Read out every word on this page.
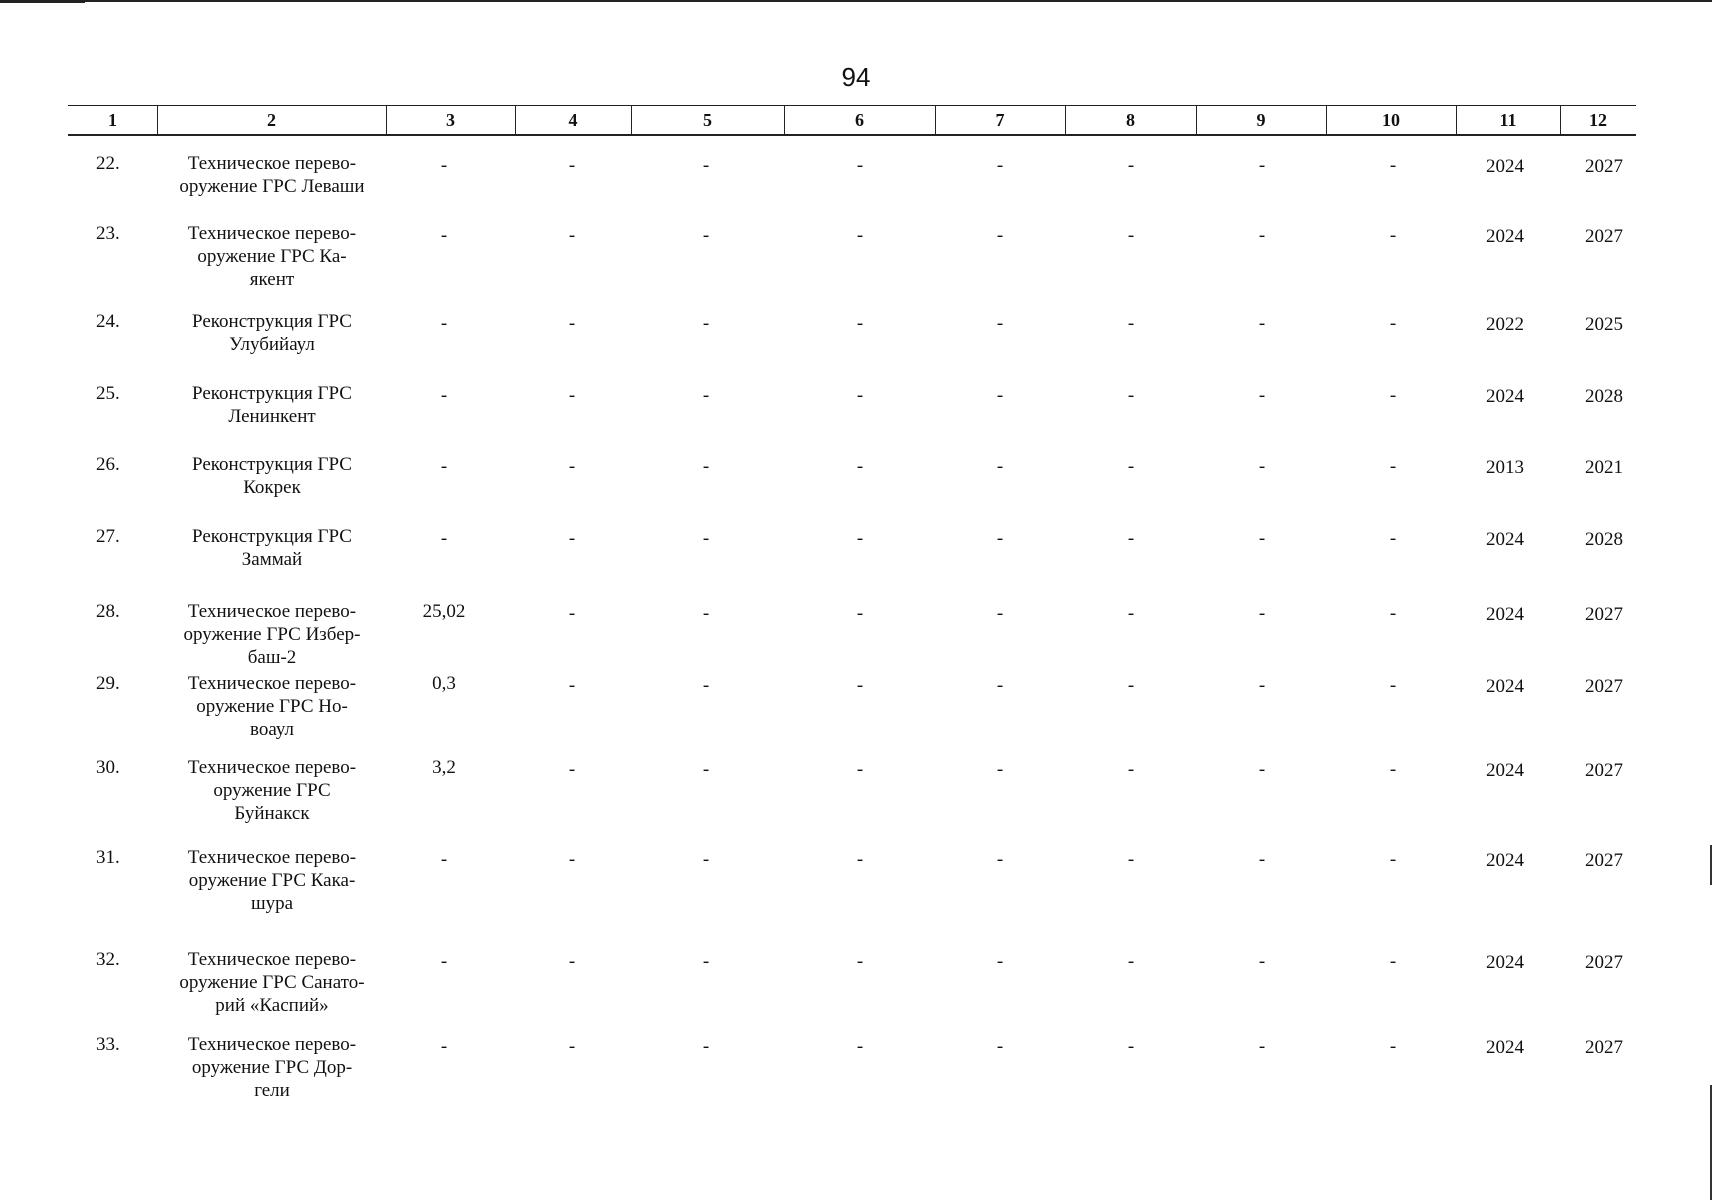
94
1	2	3	4	5	6	7	8	9	10	11	12
22.	Техническое перево-
оружение ГРС Леваши
-	-	-	-	-	-	-	-	2024	2027
23.	Техническое перево-
оружение ГРС Ка-
якент
-	-	-	-	-	-	-	-	2024	2027
24.	Реконструкция ГРС
Улубийаул
-	-	-	-	-	-	-	-	2022	2025
25.	Реконструкция ГРС
Ленинкент
-	-	-	-	-	-	-	-	2024	2028
26.	Реконструкция ГРС
Кокрек
-	-	-	-	-	-	-	-	2013	2021
27.	Реконструкция ГРС
Заммай
-	-	-	-	-	-	-	-	2024	2028
28.	Техническое перево-
оружение ГРС Избер-
баш-2
25,02	-	-	-	-	-	-	-	2024	2027
29.	Техническое перево-
оружение ГРС Но-
воаул
0,3	-	-	-	-	-	-	-	2024	2027
30.	Техническое перево-
оружение ГРС
Буйнакск
3,2	-	-	-	-	-	-	-	2024	2027
31.	Техническое перево-
оружение ГРС Кака-
шура
-	-	-	-	-	-	-	-	2024	2027
32.	Техническое перево-
оружение ГРС Санато-
рий «Каспий»
-	-	-	-	-	-	-	-	2024	2027
33.	Техническое перево-
оружение ГРС Дор-
гели
-	-	-	-	-	-	-	-	2024	2027
